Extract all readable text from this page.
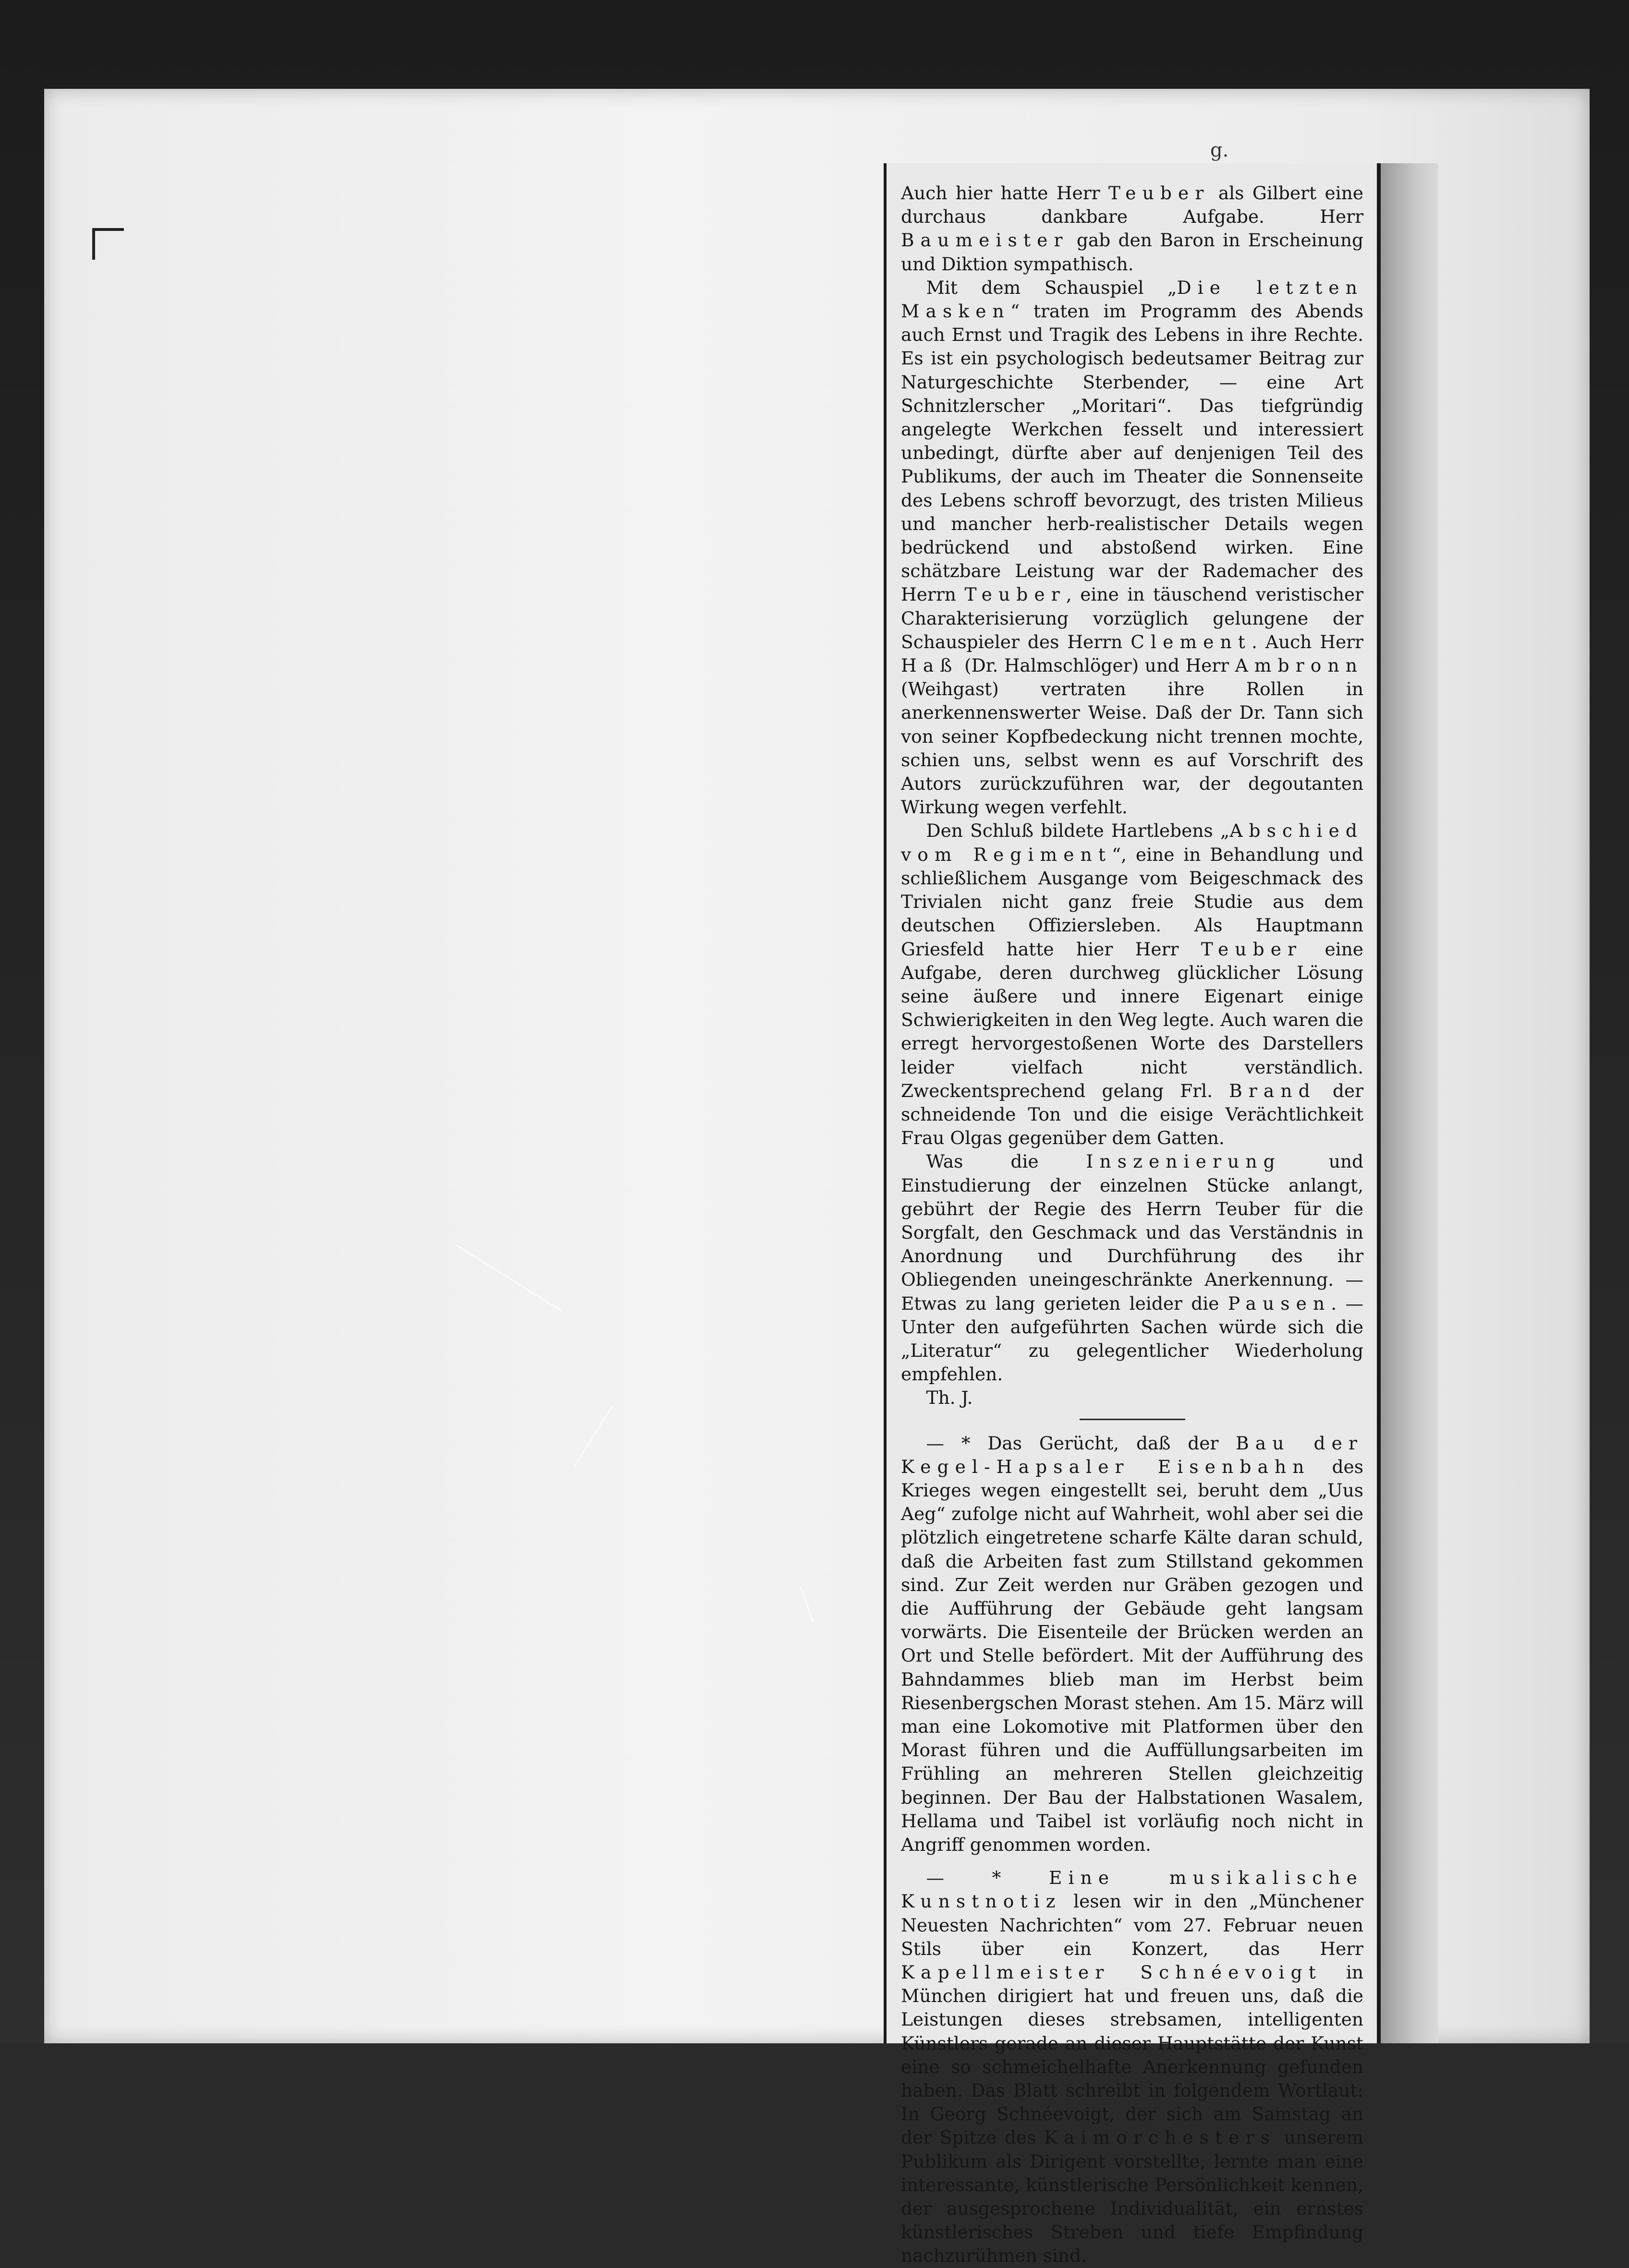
g.

Auch hier hatte Herr Teuber als Gilbert eine durchaus dankbare Aufgabe. Herr Baumeister gab den Baron in Erscheinung und Diktion sympathisch.

Mit dem Schauspiel „Die letzten Masken“ traten im Programm des Abends auch Ernst und Tragik des Lebens in ihre Rechte. Es ist ein psychologisch bedeutsamer Beitrag zur Naturgeschichte Sterbender, — eine Art Schnitzlerscher „Moritari“. Das tiefgründig angelegte Werkchen fesselt und interessiert unbedingt, dürfte aber auf denjenigen Teil des Publikums, der auch im Theater die Sonnenseite des Lebens schroff bevorzugt, des tristen Milieus und mancher herb-realistischer Details wegen bedrückend und abstoßend wirken. Eine schätzbare Leistung war der Rademacher des Herrn Teuber, eine in täuschend veristischer Charakterisierung vorzüglich gelungene der Schauspieler des Herrn Clement. Auch Herr Haß (Dr. Halmschlöger) und Herr Ambronn (Weihgast) vertraten ihre Rollen in anerkennenswerter Weise. Daß der Dr. Tann sich von seiner Kopfbedeckung nicht trennen mochte, schien uns, selbst wenn es auf Vorschrift des Autors zurückzuführen war, der degoutanten Wirkung wegen verfehlt.

Den Schluß bildete Hartlebens „Abschied vom Regiment“, eine in Behandlung und schließlichem Ausgange vom Beigeschmack des Trivialen nicht ganz freie Studie aus dem deutschen Offiziersleben. Als Hauptmann Griesfeld hatte hier Herr Teuber eine Aufgabe, deren durchweg glücklicher Lösung seine äußere und innere Eigenart einige Schwierigkeiten in den Weg legte. Auch waren die erregt hervorgestoßenen Worte des Darstellers leider vielfach nicht verständlich. Zweckentsprechend gelang Frl. Brand der schneidende Ton und die eisige Verächtlichkeit Frau Olgas gegenüber dem Gatten.

Was die Inszenierung und Einstudierung der einzelnen Stücke anlangt, gebührt der Regie des Herrn Teuber für die Sorgfalt, den Geschmack und das Verständnis in Anordnung und Durchführung des ihr Obliegenden uneingeschränkte Anerkennung. — Etwas zu lang gerieten leider die Pausen. — Unter den aufgeführten Sachen würde sich die „Literatur“ zu gelegentlicher Wiederholung empfehlen.

Th. J.

— * Das Gerücht, daß der Bau der Kegel-Hapsaler Eisenbahn des Krieges wegen eingestellt sei, beruht dem „Uus Aeg“ zufolge nicht auf Wahrheit, wohl aber sei die plötzlich eingetretene scharfe Kälte daran schuld, daß die Arbeiten fast zum Stillstand gekommen sind. Zur Zeit werden nur Gräben gezogen und die Aufführung der Gebäude geht langsam vorwärts. Die Eisenteile der Brücken werden an Ort und Stelle befördert. Mit der Aufführung des Bahndammes blieb man im Herbst beim Riesenbergschen Morast stehen. Am 15. März will man eine Lokomotive mit Platformen über den Morast führen und die Auffüllungsarbeiten im Frühling an mehreren Stellen gleichzeitig beginnen. Der Bau der Halbstationen Wasalem, Hellama und Taibel ist vorläufig noch nicht in Angriff genommen worden.

— * Eine musikalische Kunstnotiz lesen wir in den „Münchener Neuesten Nachrichten“ vom 27. Februar neuen Stils über ein Konzert, das Herr Kapellmeister Schnéevoigt in München dirigiert hat und freuen uns, daß die Leistungen dieses strebsamen, intelligenten Künstlers gerade an dieser Hauptstätte der Kunst eine so schmeichelhafte Anerkennung gefunden haben. Das Blatt schreibt in folgendem Wortlaut: In Georg Schnéevoigt, der sich am Samstag an der Spitze des Kaimorchesters unserem Publikum als Dirigent vorstellte, lernte man eine interessante, künstlerische Persönlichkeit kennen, der ausgesprochene Individualität, ein ernstes künstlerisches Streben und tiefe Empfindung nachzurühmen sind.
